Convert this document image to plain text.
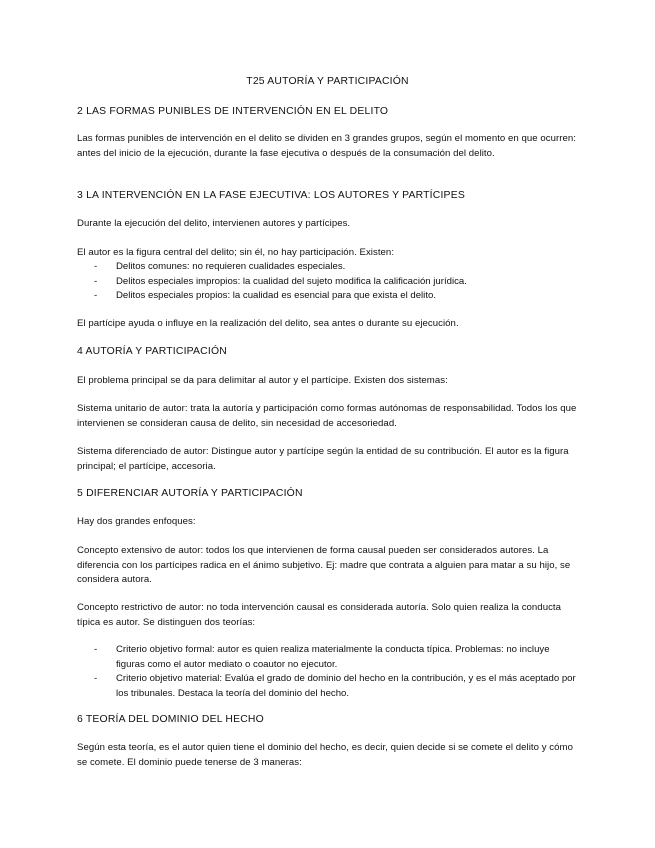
T25 AUTORÍA Y PARTICIPACIÓN
2 LAS FORMAS PUNIBLES DE INTERVENCIÓN EN EL DELITO
Las formas punibles de intervención en el delito se dividen en 3 grandes grupos, según el momento en que ocurren: antes del inicio de la ejecución, durante la fase ejecutiva o después de la consumación del delito.
3 LA INTERVENCIÓN EN LA FASE EJECUTIVA: LOS AUTORES Y PARTÍCIPES
Durante la ejecución del delito, intervienen autores y partícipes.
El autor es la figura central del delito; sin él, no hay participación. Existen:
- Delitos comunes: no requieren cualidades especiales.
- Delitos especiales impropios: la cualidad del sujeto modifica la calificación jurídica.
- Delitos especiales propios: la cualidad es esencial para que exista el delito.
El partícipe ayuda o influye en la realización del delito, sea antes o durante su ejecución.
4 AUTORÍA Y PARTICIPACIÓN
El problema principal se da para delimitar al autor y el partícipe. Existen dos sistemas:
Sistema unitario de autor: trata la autoría y participación como formas autónomas de responsabilidad. Todos los que intervienen se consideran causa de delito, sin necesidad de accesoriedad.
Sistema diferenciado de autor: Distingue autor y partícipe según la entidad de su contribución. El autor es la figura principal; el partícipe, accesoria.
5 DIFERENCIAR AUTORÍA Y PARTICIPACIÓN
Hay dos grandes enfoques:
Concepto extensivo de autor: todos los que intervienen de forma causal pueden ser considerados autores. La diferencia con los partícipes radica en el ánimo subjetivo. Ej: madre que contrata a alguien para matar a su hijo, se considera autora.
Concepto restrictivo de autor: no toda intervención causal es considerada autoría. Solo quien realiza la conducta típica es autor. Se distinguen dos teorías:
- Criterio objetivo formal: autor es quien realiza materialmente la conducta típica. Problemas: no incluye figuras como el autor mediato o coautor no ejecutor.
- Criterio objetivo material: Evalúa el grado de dominio del hecho en la contribución, y es el más aceptado por los tribunales. Destaca la teoría del dominio del hecho.
6 TEORÍA DEL DOMINIO DEL HECHO
Según esta teoría, es el autor quien tiene el dominio del hecho, es decir, quien decide si se comete el delito y cómo se comete. El dominio puede tenerse de 3 maneras:
